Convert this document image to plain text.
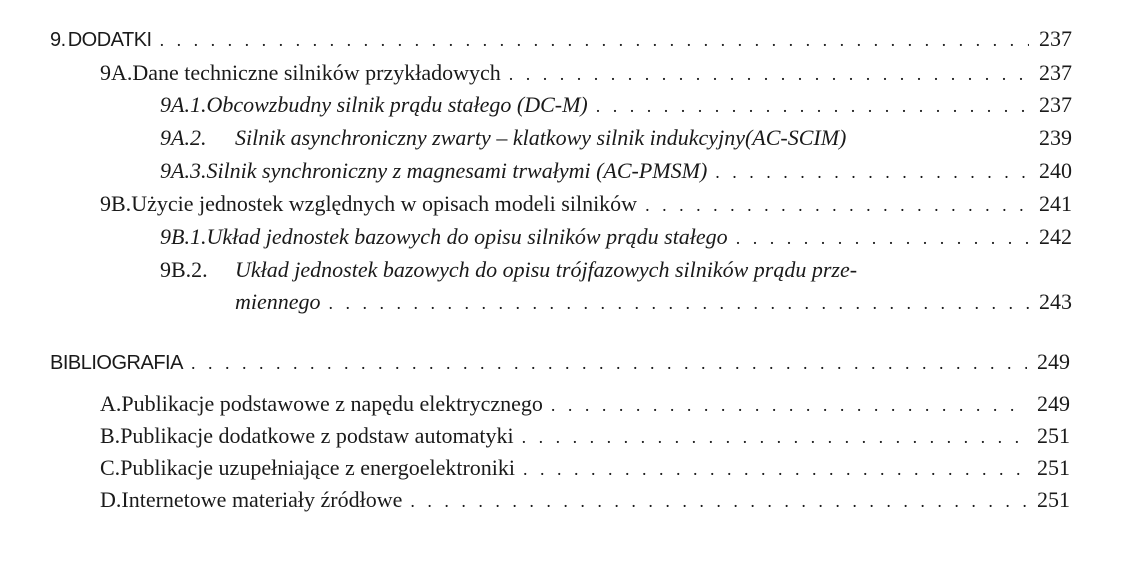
9. DODATKI . . .	237
9A. Dane techniczne silników przykładowych . . .	237
9A.1. Obcowzbudny silnik prądu stałego (DC-M) . . .	237
9A.2.	Silnik asynchroniczny zwarty – klatkowy silnik indukcyjny(AC-SCIM)	239
9A.3. Silnik synchroniczny z magnesami trwałymi (AC-PMSM) . . .	240
9B. Użycie jednostek względnych w opisach modeli silników . . .	241
9B.1. Układ jednostek bazowych do opisu silników prądu stałego . . .	242
9B.2.	Układ jednostek bazowych do opisu trójfazowych silników prądu prze-
miennego . . .	243
BIBLIOGRAFIA . . .	249
A. Publikacje podstawowe z napędu elektrycznego . . .	249
B. Publikacje dodatkowe z podstaw automatyki . . .	251
C. Publikacje uzupełniające z energoelektroniki . . .	251
D. Internetowe materiały źródłowe . . .	251
